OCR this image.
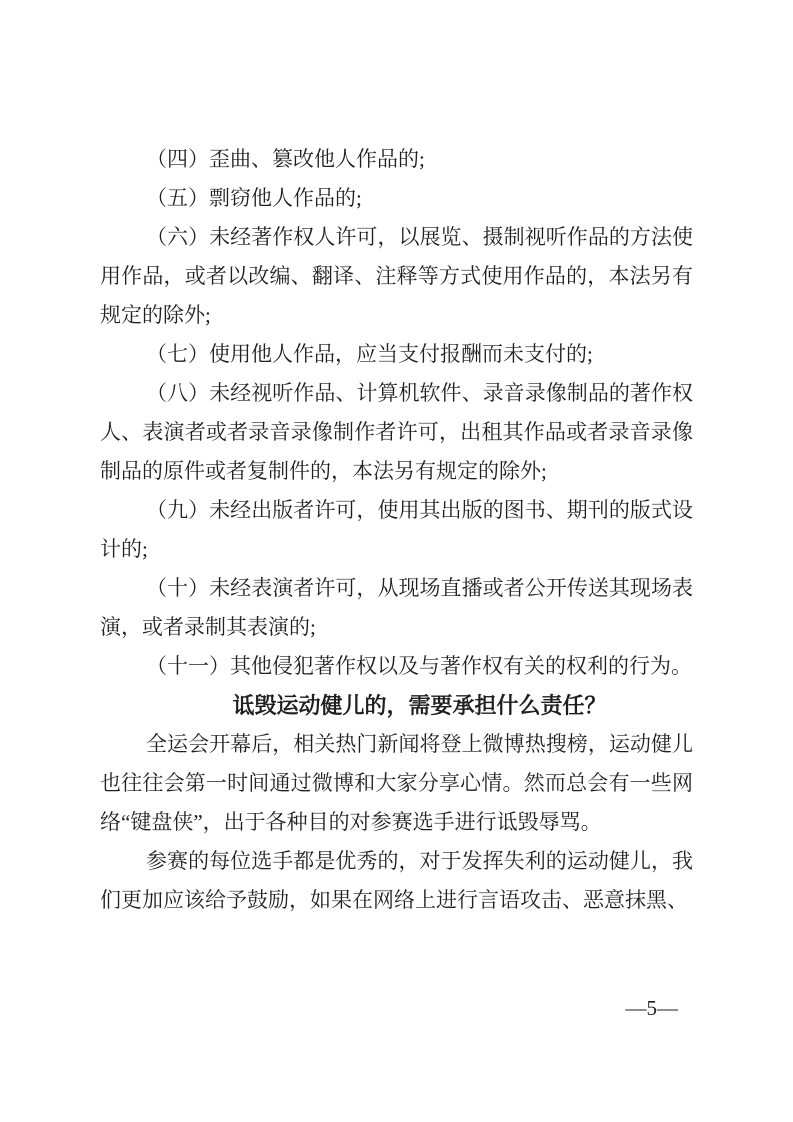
（四）歪曲、篡改他人作品的;

（五）剽窃他人作品的;

（六）未经著作权人许可，以展览、摄制视听作品的方法使用作品，或者以改编、翻译、注释等方式使用作品的，本法另有规定的除外;

（七）使用他人作品，应当支付报酬而未支付的;

（八）未经视听作品、计算机软件、录音录像制品的著作权人、表演者或者录音录像制作者许可，出租其作品或者录音录像制品的原件或者复制件的，本法另有规定的除外;

（九）未经出版者许可，使用其出版的图书、期刊的版式设计的;

（十）未经表演者许可，从现场直播或者公开传送其现场表演，或者录制其表演的;

（十一）其他侵犯著作权以及与著作权有关的权利的行为。

诋毁运动健儿的，需要承担什么责任？

全运会开幕后，相关热门新闻将登上微博热搜榜，运动健儿也往往会第一时间通过微博和大家分享心情。然而总会有一些网络“键盘侠”，出于各种目的对参赛选手进行诋毁辱骂。

参赛的每位选手都是优秀的，对于发挥失利的运动健儿，我们更加应该给予鼓励，如果在网络上进行言语攻击、恶意抹黑、

—5—
